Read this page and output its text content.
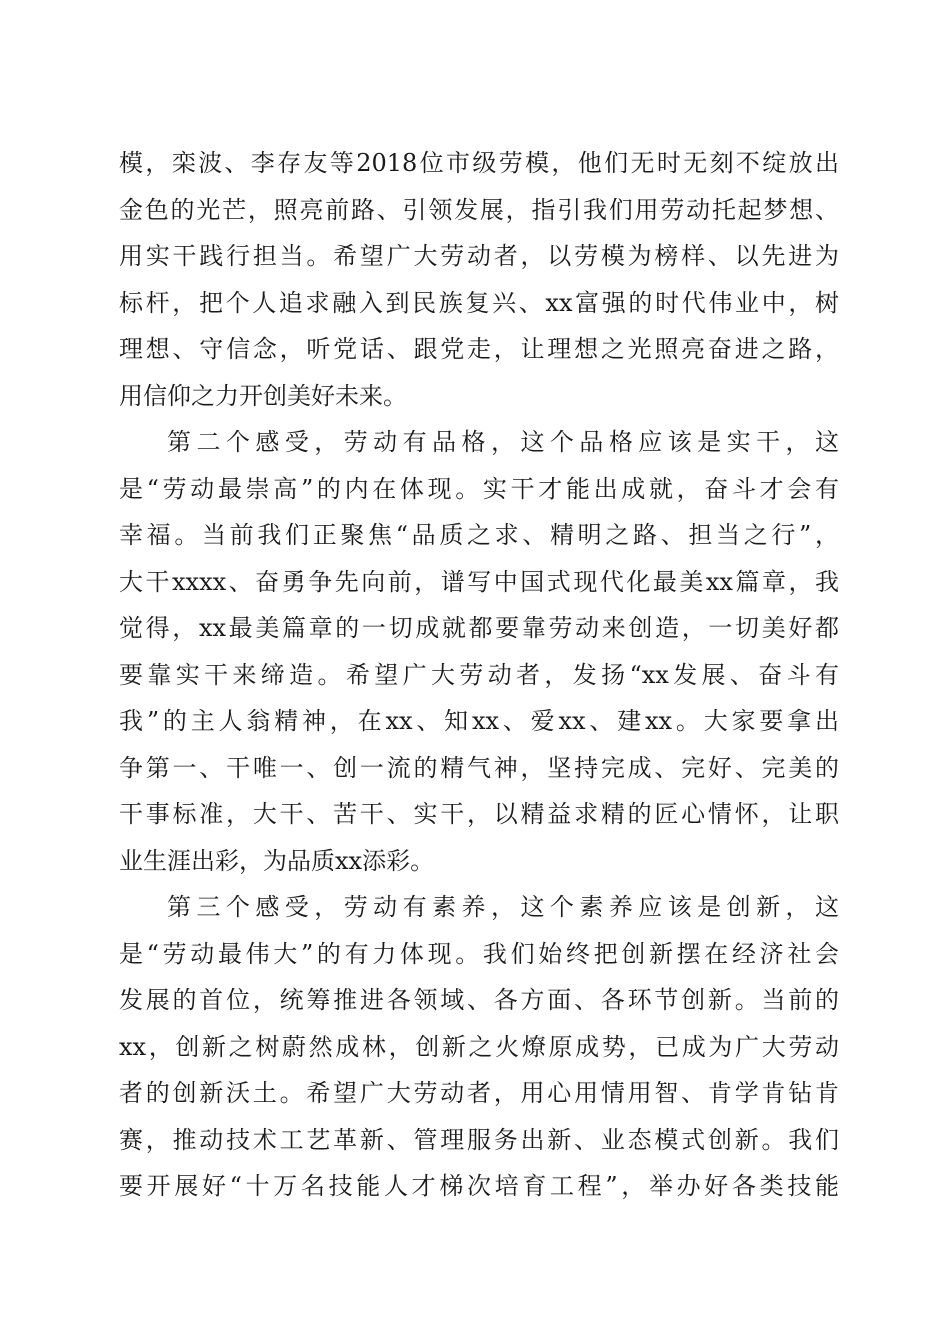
模，栾波、李存友等2018位市级劳模，他们无时无刻不绽放出
金色的光芒，照亮前路、引领发展，指引我们用劳动托起梦想、
用实干践行担当。希望广大劳动者，以劳模为榜样、以先进为
标杆，把个人追求融入到民族复兴、xx富强的时代伟业中，树
理想、守信念，听党话、跟党走，让理想之光照亮奋进之路，
用信仰之力开创美好未来。
第二个感受，劳动有品格，这个品格应该是实干，这
是“劳动最崇高”的内在体现。实干才能出成就，奋斗才会有
幸福。当前我们正聚焦“品质之求、精明之路、担当之行”，
大干xxxx、奋勇争先向前，谱写中国式现代化最美xx篇章，我
觉得，xx最美篇章的一切成就都要靠劳动来创造，一切美好都
要靠实干来缔造。希望广大劳动者，发扬“xx发展、奋斗有
我”的主人翁精神，在xx、知xx、爱xx、建xx。大家要拿出
争第一、干唯一、创一流的精气神，坚持完成、完好、完美的
干事标准，大干、苦干、实干，以精益求精的匠心情怀，让职
业生涯出彩，为品质xx添彩。
第三个感受，劳动有素养，这个素养应该是创新，这
是“劳动最伟大”的有力体现。我们始终把创新摆在经济社会
发展的首位，统筹推进各领域、各方面、各环节创新。当前的
xx，创新之树蔚然成林，创新之火燎原成势，已成为广大劳动
者的创新沃土。希望广大劳动者，用心用情用智、肯学肯钻肯
赛，推动技术工艺革新、管理服务出新、业态模式创新。我们
要开展好“十万名技能人才梯次培育工程”，举办好各类技能
